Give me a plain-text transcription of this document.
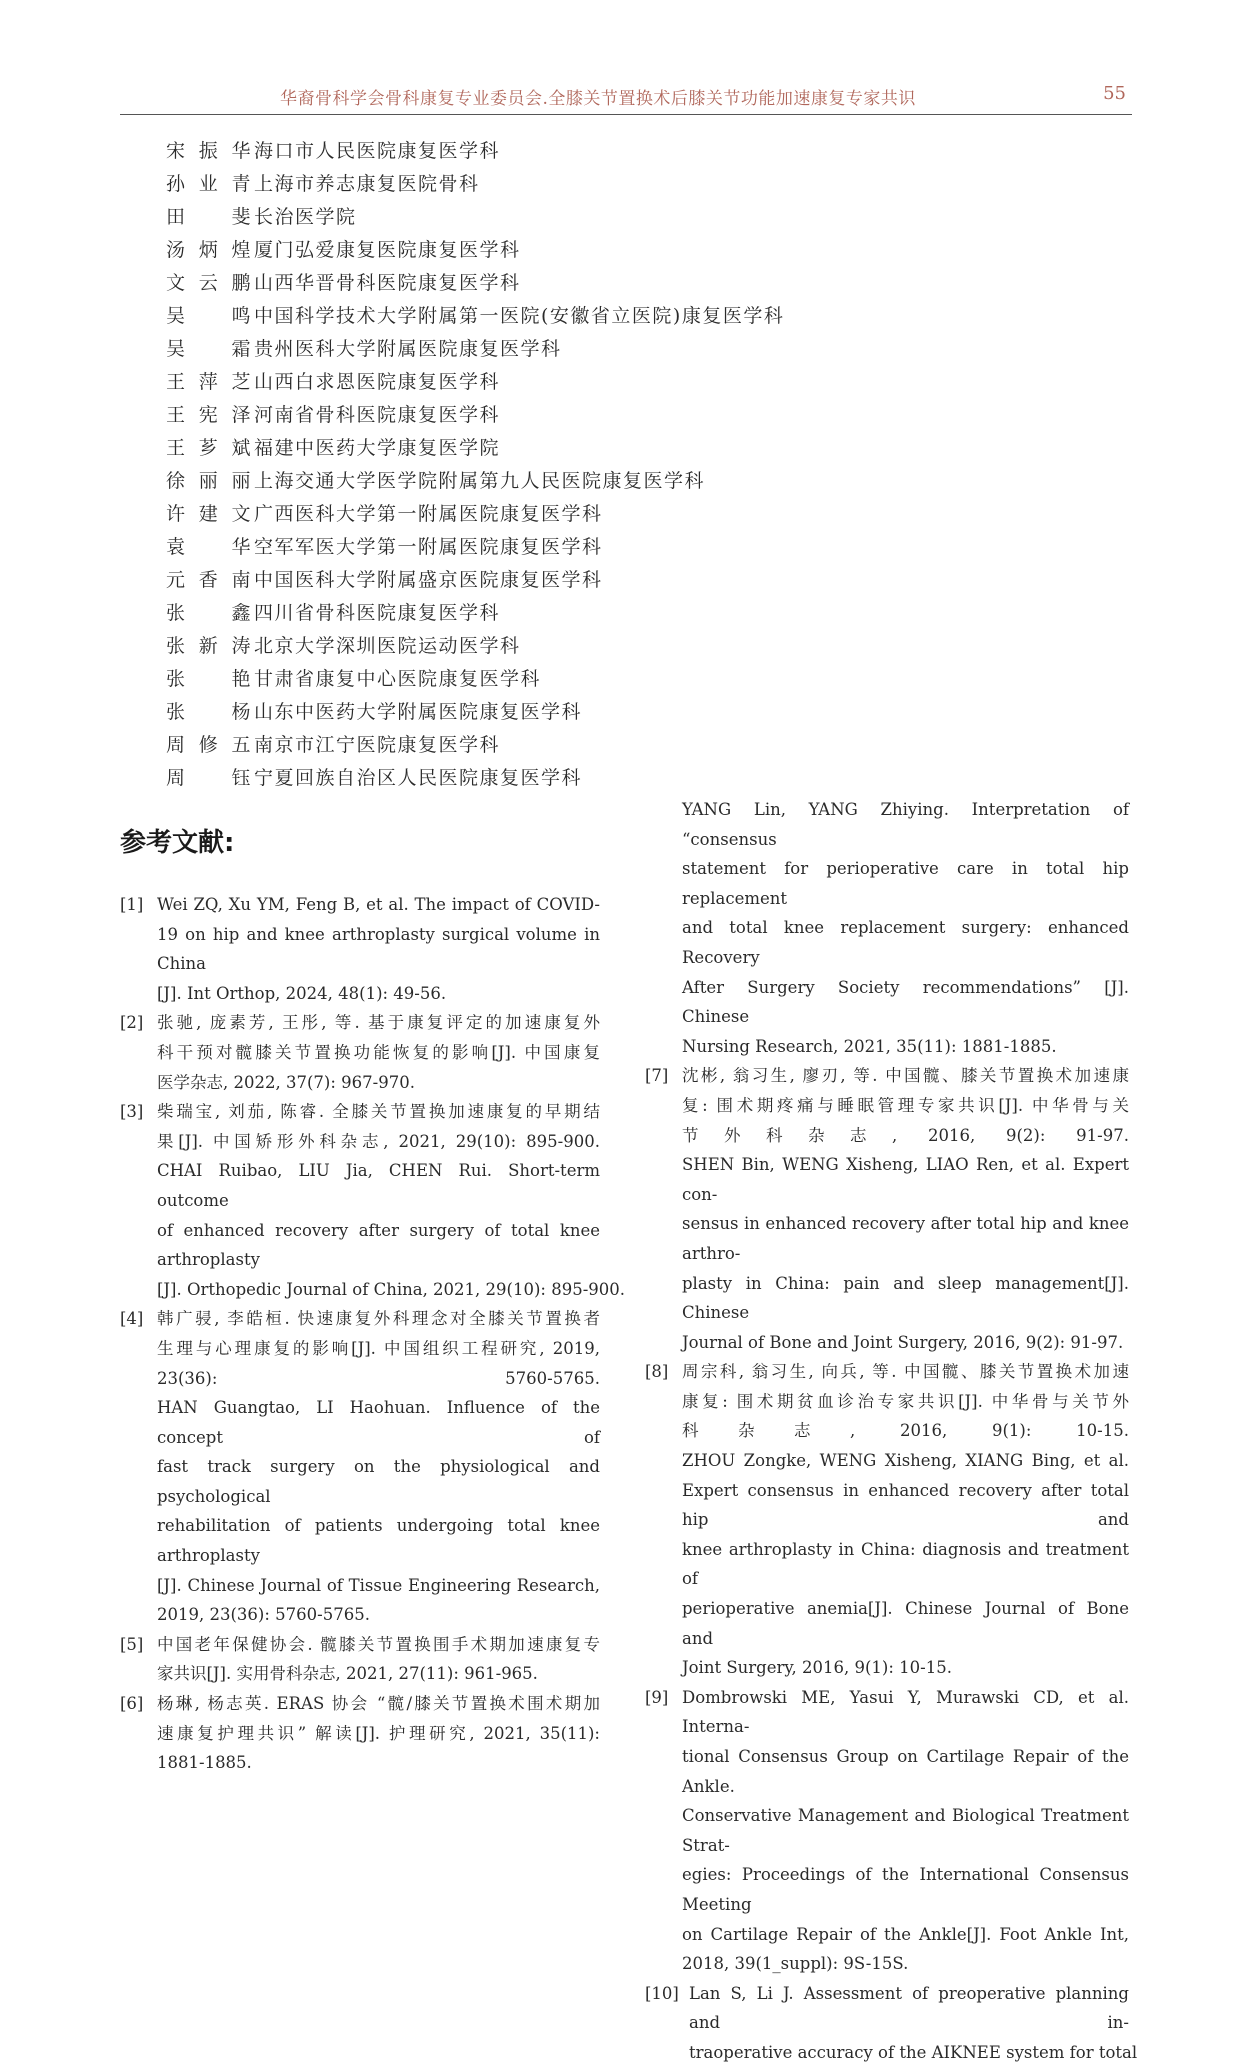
华裔骨科学会骨科康复专业委员会.全膝关节置换术后膝关节功能加速康复专家共识	55
宋振华 海口市人民医院康复医学科
孙业青 上海市养志康复医院骨科
田　斐 长治医学院
汤炳煌 厦门弘爱康复医院康复医学科
文云鹏 山西华晋骨科医院康复医学科
吴　鸣 中国科学技术大学附属第一医院(安徽省立医院)康复医学科
吴　霜 贵州医科大学附属医院康复医学科
王萍芝 山西白求恩医院康复医学科
王宪泽 河南省骨科医院康复医学科
王芗斌 福建中医药大学康复医学院
徐丽丽 上海交通大学医学院附属第九人民医院康复医学科
许建文 广西医科大学第一附属医院康复医学科
袁　华 空军军医大学第一附属医院康复医学科
元香南 中国医科大学附属盛京医院康复医学科
张　鑫 四川省骨科医院康复医学科
张新涛 北京大学深圳医院运动医学科
张　艳 甘肃省康复中心医院康复医学科
张　杨 山东中医药大学附属医院康复医学科
周修五 南京市江宁医院康复医学科
周　钰 宁夏回族自治区人民医院康复医学科
参考文献:
[1] Wei ZQ, Xu YM, Feng B, et al. The impact of COVID-
19 on hip and knee arthroplasty surgical volume in China
[J]. Int Orthop, 2024, 48(1): 49-56.
[2] 张驰, 庞素芳, 王彤, 等. 基于康复评定的加速康复外
科干预对髋膝关节置换功能恢复的影响[J]. 中国康复
医学杂志, 2022, 37(7): 967-970.
[3] 柴瑞宝, 刘茄, 陈睿. 全膝关节置换加速康复的早期结
果[J]. 中国矫形外科杂志, 2021, 29(10): 895-900.
CHAI Ruibao, LIU Jia, CHEN Rui. Short-term outcome
of enhanced recovery after surgery of total knee arthroplasty
[J]. Orthopedic Journal of China, 2021, 29(10): 895-900.
[4] 韩广骎, 李皓桓. 快速康复外科理念对全膝关节置换者
生理与心理康复的影响[J]. 中国组织工程研究, 2019,
23(36): 5760-5765.
HAN Guangtao, LI Haohuan. Influence of the concept of
fast track surgery on the physiological and psychological
rehabilitation of patients undergoing total knee arthroplasty
[J]. Chinese Journal of Tissue Engineering Research,
2019, 23(36): 5760-5765.
[5] 中国老年保健协会. 髋膝关节置换围手术期加速康复专
家共识[J]. 实用骨科杂志, 2021, 27(11): 961-965.
[6] 杨琳, 杨志英. ERAS 协会 “髋/膝关节置换术围术期加
速康复护理共识” 解读[J]. 护理研究, 2021, 35(11):
1881-1885.
YANG Lin, YANG Zhiying. Interpretation of “consensus
statement for perioperative care in total hip replacement
and total knee replacement surgery: enhanced Recovery
After Surgery Society recommendations” [J]. Chinese
Nursing Research, 2021, 35(11): 1881-1885.
[7] 沈彬, 翁习生, 廖刃, 等. 中国髋、膝关节置换术加速康
复: 围术期疼痛与睡眠管理专家共识[J]. 中华骨与关
节外科杂志, 2016, 9(2): 91-97.
SHEN Bin, WENG Xisheng, LIAO Ren, et al. Expert con-
sensus in enhanced recovery after total hip and knee arthro-
plasty in China: pain and sleep management[J]. Chinese
Journal of Bone and Joint Surgery, 2016, 9(2): 91-97.
[8] 周宗科, 翁习生, 向兵, 等. 中国髋、膝关节置换术加速
康复: 围术期贫血诊治专家共识[J]. 中华骨与关节外
科杂志, 2016, 9(1): 10-15.
ZHOU Zongke, WENG Xisheng, XIANG Bing, et al.
Expert consensus in enhanced recovery after total hip and
knee arthroplasty in China: diagnosis and treatment of
perioperative anemia[J]. Chinese Journal of Bone and
Joint Surgery, 2016, 9(1): 10-15.
[9] Dombrowski ME, Yasui Y, Murawski CD, et al. Interna-
tional Consensus Group on Cartilage Repair of the Ankle.
Conservative Management and Biological Treatment Strat-
egies: Proceedings of the International Consensus Meeting
on Cartilage Repair of the Ankle[J]. Foot Ankle Int,
2018, 39(1_suppl): 9S-15S.
[10] Lan S, Li J. Assessment of preoperative planning and in-
traoperative accuracy of the AIKNEE system for total
